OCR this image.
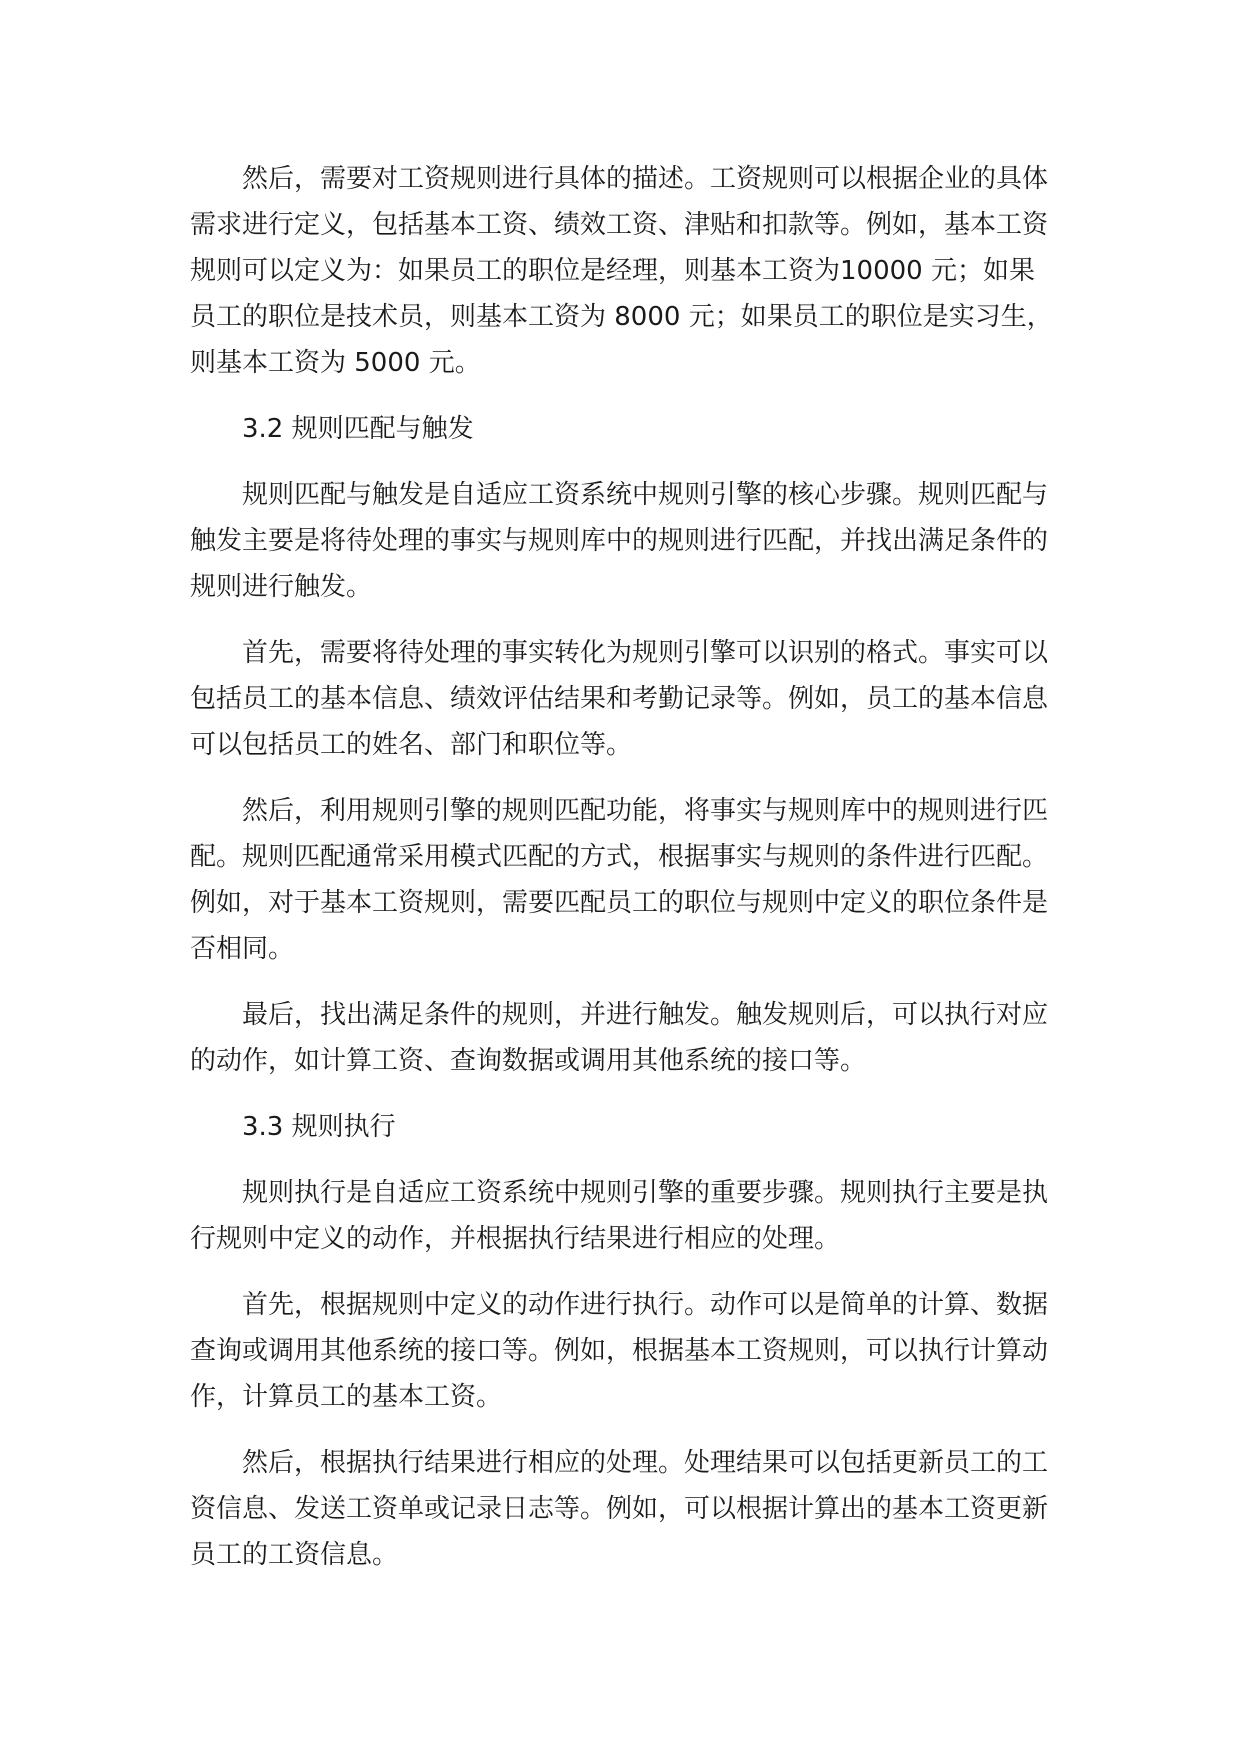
然后，需要对工资规则进行具体的描述。工资规则可以根据企业的具体需求进行定义，包括基本工资、绩效工资、津贴和扣款等。例如，基本工资规则可以定义为：如果员工的职位是经理，则基本工资为10000 元；如果员工的职位是技术员，则基本工资为 8000 元；如果员工的职位是实习生，则基本工资为 5000 元。

3.2 规则匹配与触发

规则匹配与触发是自适应工资系统中规则引擎的核心步骤。规则匹配与触发主要是将待处理的事实与规则库中的规则进行匹配，并找出满足条件的规则进行触发。

首先，需要将待处理的事实转化为规则引擎可以识别的格式。事实可以包括员工的基本信息、绩效评估结果和考勤记录等。例如，员工的基本信息可以包括员工的姓名、部门和职位等。

然后，利用规则引擎的规则匹配功能，将事实与规则库中的规则进行匹配。规则匹配通常采用模式匹配的方式，根据事实与规则的条件进行匹配。例如，对于基本工资规则，需要匹配员工的职位与规则中定义的职位条件是否相同。

最后，找出满足条件的规则，并进行触发。触发规则后，可以执行对应的动作，如计算工资、查询数据或调用其他系统的接口等。

3.3 规则执行

规则执行是自适应工资系统中规则引擎的重要步骤。规则执行主要是执行规则中定义的动作，并根据执行结果进行相应的处理。

首先，根据规则中定义的动作进行执行。动作可以是简单的计算、数据查询或调用其他系统的接口等。例如，根据基本工资规则，可以执行计算动作，计算员工的基本工资。

然后，根据执行结果进行相应的处理。处理结果可以包括更新员工的工资信息、发送工资单或记录日志等。例如，可以根据计算出的基本工资更新员工的工资信息。
